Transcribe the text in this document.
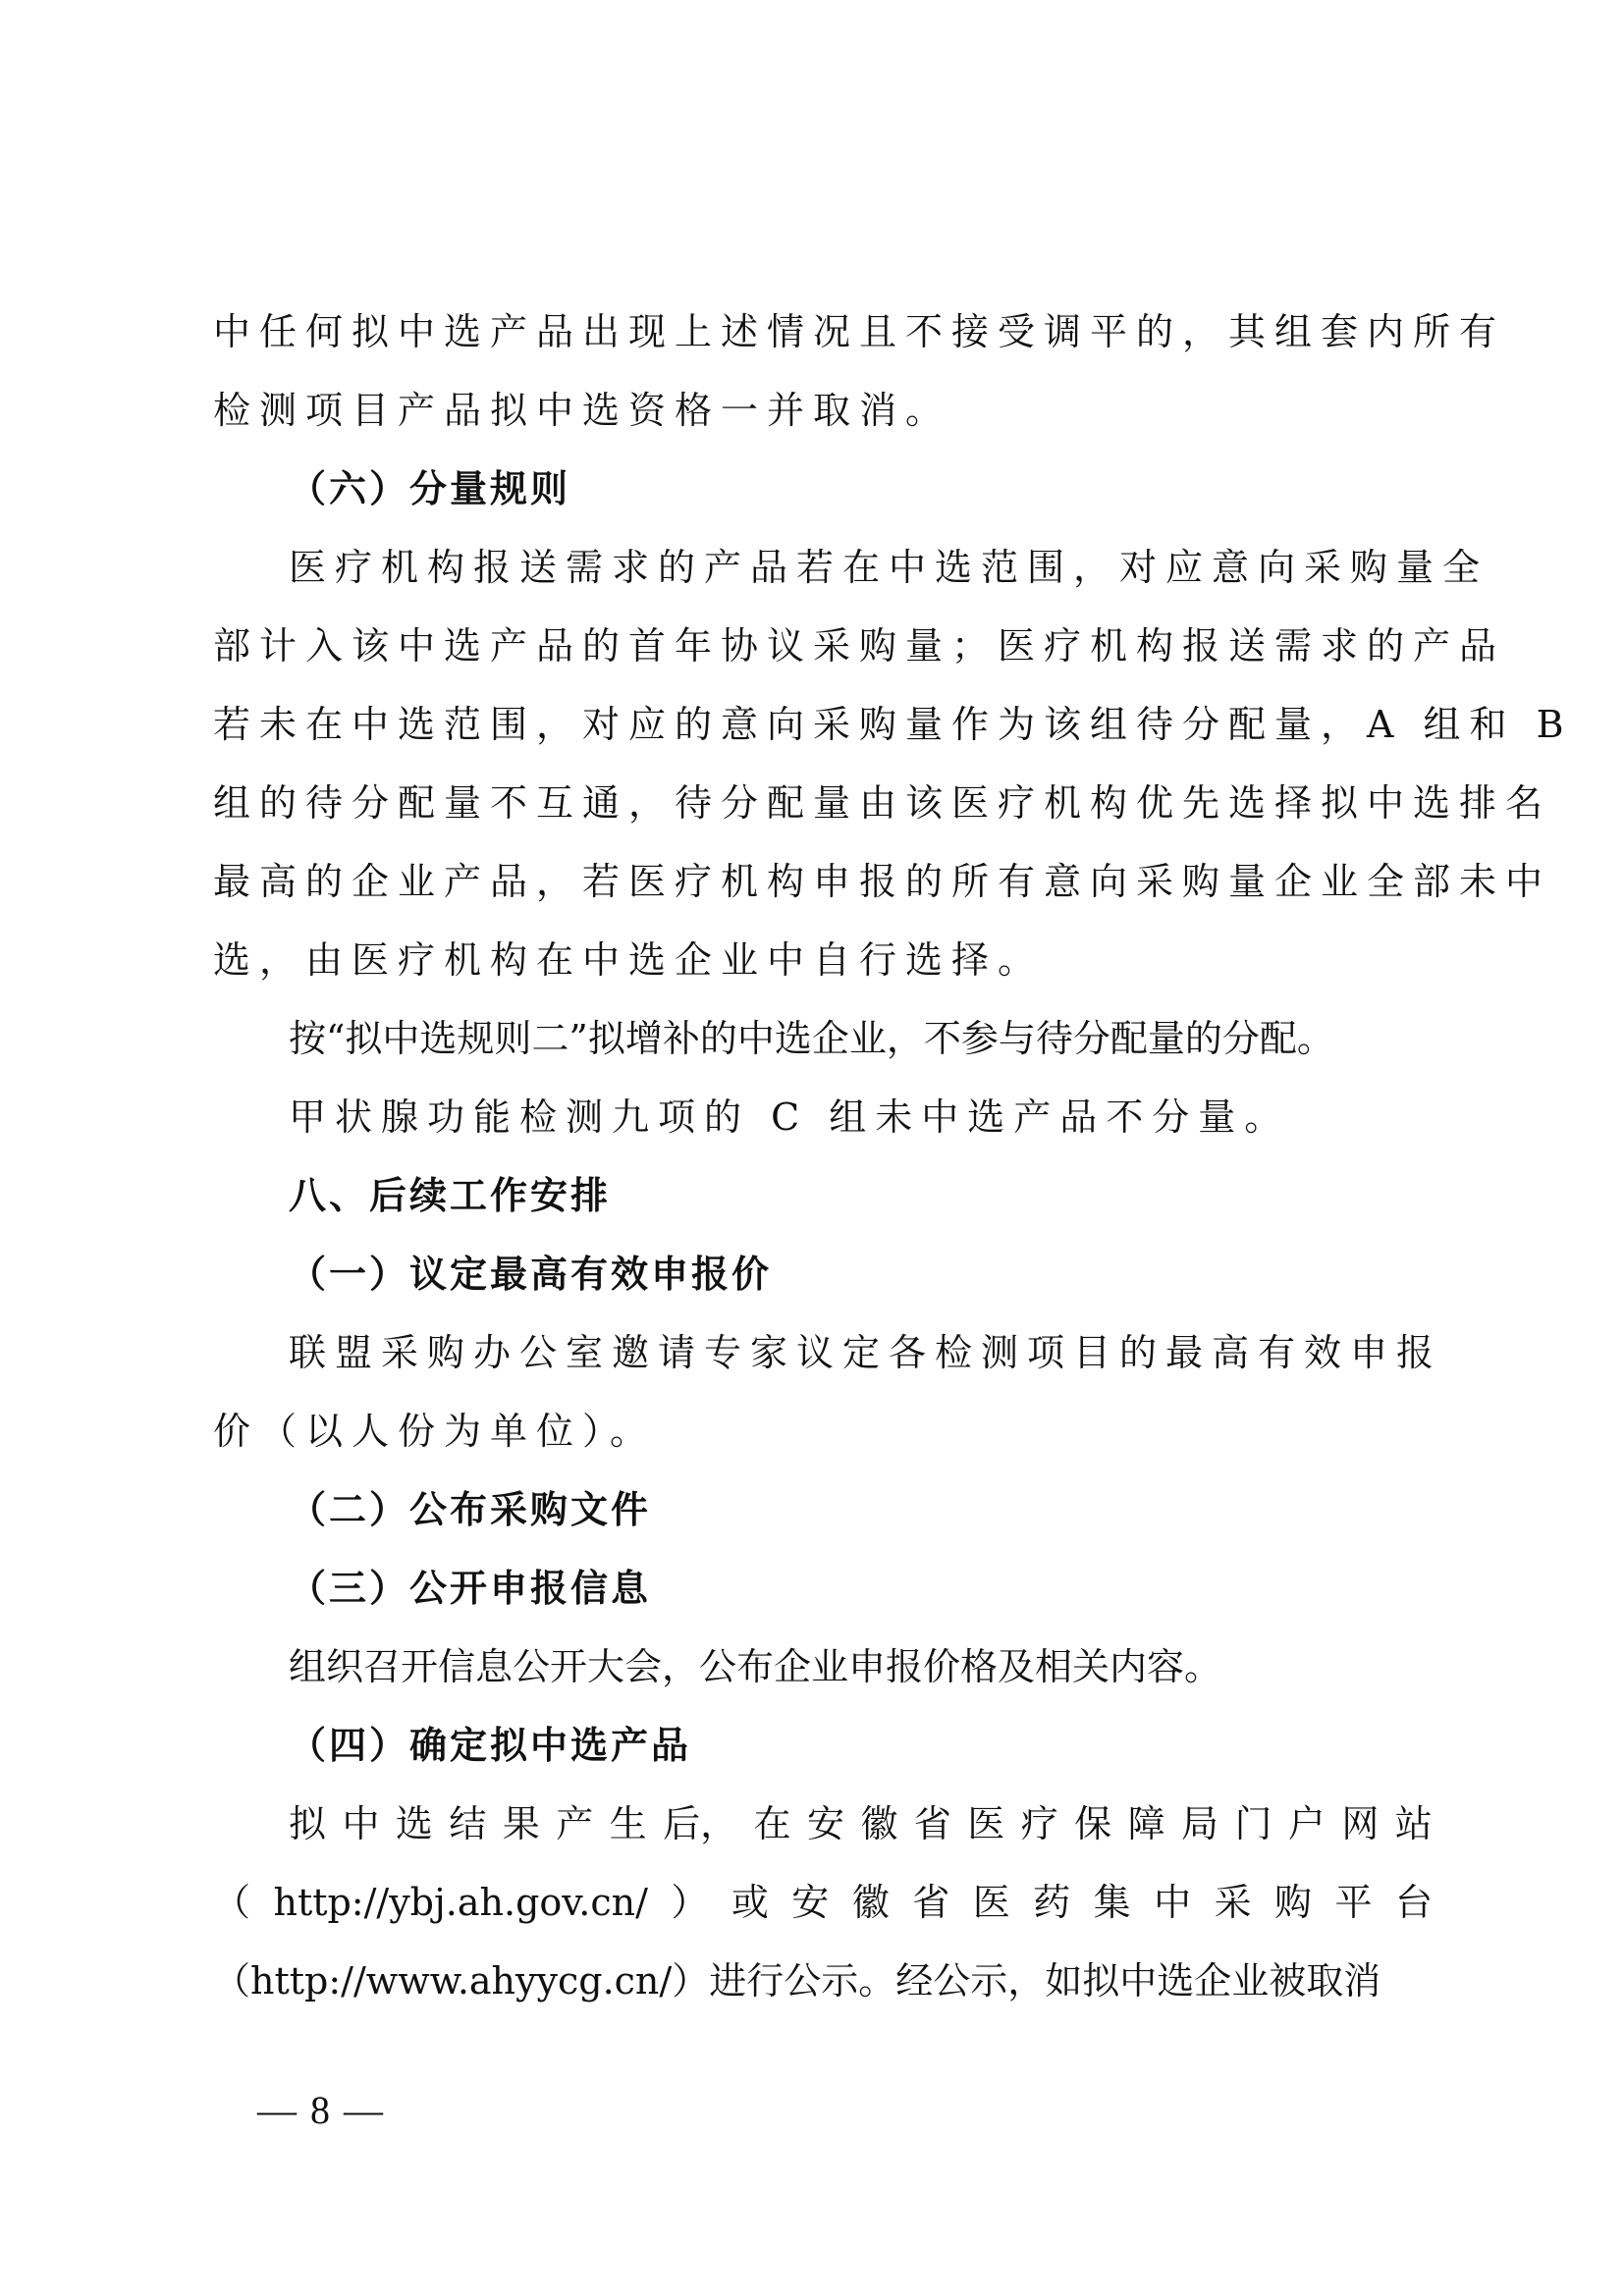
中任何拟中选产品出现上述情况且不接受调平的，其组套内所有
检测项目产品拟中选资格一并取消。
（六）分量规则
医疗机构报送需求的产品若在中选范围，对应意向采购量全
部计入该中选产品的首年协议采购量；医疗机构报送需求的产品
若未在中选范围，对应的意向采购量作为该组待分配量，A 组和 B
组的待分配量不互通，待分配量由该医疗机构优先选择拟中选排名
最高的企业产品，若医疗机构申报的所有意向采购量企业全部未中
选，由医疗机构在中选企业中自行选择。
按“拟中选规则二”拟增补的中选企业，不参与待分配量的分配。
甲状腺功能检测九项的 C 组未中选产品不分量。
八、后续工作安排
（一）议定最高有效申报价
联盟采购办公室邀请专家议定各检测项目的最高有效申报
价（以人份为单位）。
（二）公布采购文件
（三）公开申报信息
组织召开信息公开大会，公布企业申报价格及相关内容。
（四）确定拟中选产品
拟 中 选 结 果 产 生 后， 在 安 徽 省 医 疗 保 障 局 门 户 网 站
（ http://ybj.ah.gov.cn/ ） 或 安 徽 省 医 药 集 中 采 购 平 台
（http://www.ahyycg.cn/）进行公示。经公示，如拟中选企业被取消
— 8 —
